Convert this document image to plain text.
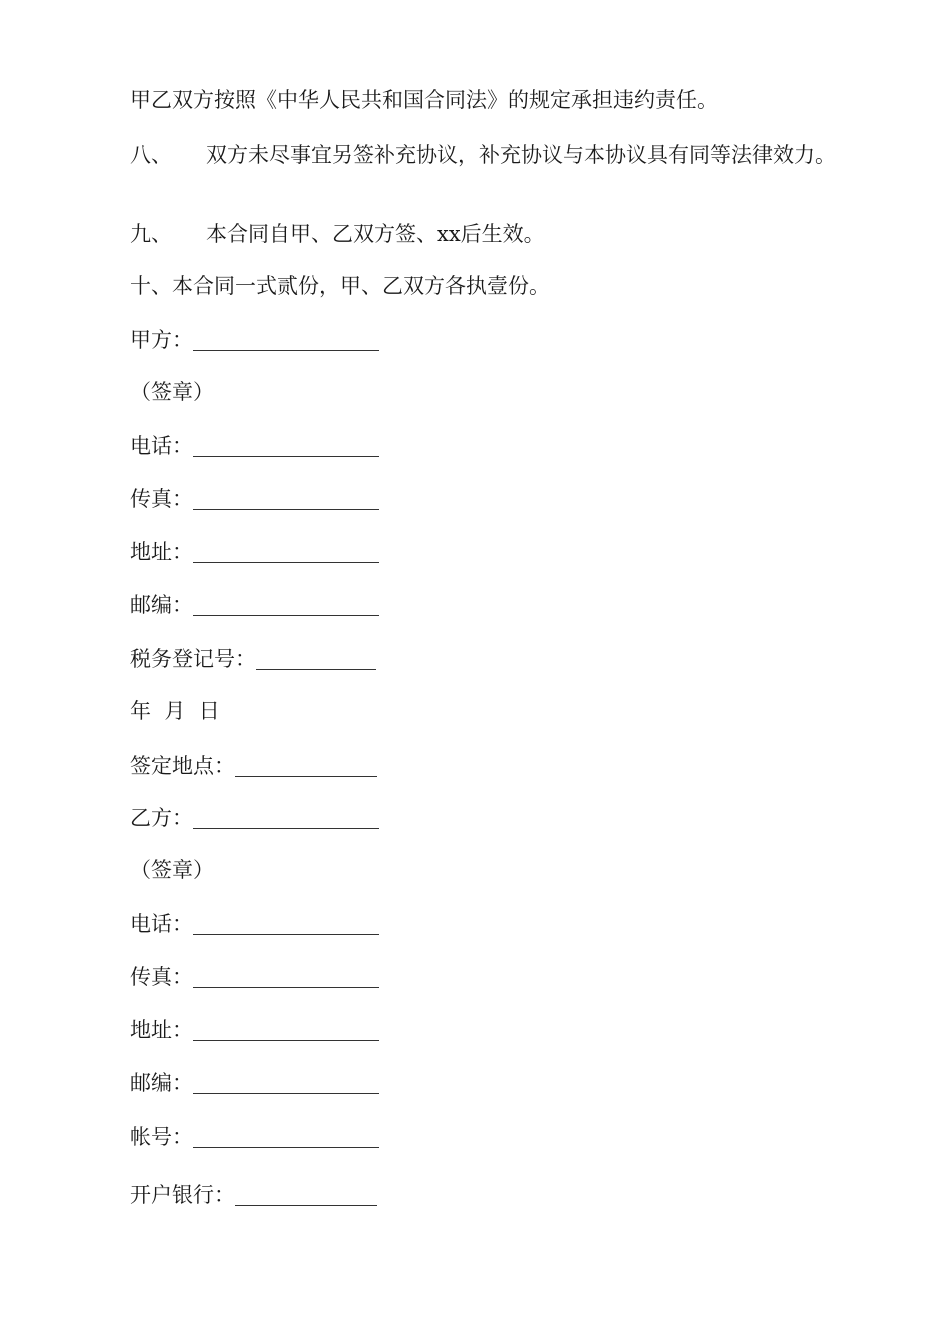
甲乙双方按照《中华人民共和国合同法》的规定承担违约责任。

八、 双方未尽事宜另签补充协议，补充协议与本协议具有同等法律效力。

九、 本合同自甲、乙双方签、xx后生效。

十、本合同一式贰份，甲、乙双方各执壹份。

甲方：

（签章）

电话：

传真：

地址：

邮编：

税务登记号：

年  月  日

签定地点：

乙方：

（签章）

电话：

传真：

地址：

邮编：

帐号：

开户银行：
